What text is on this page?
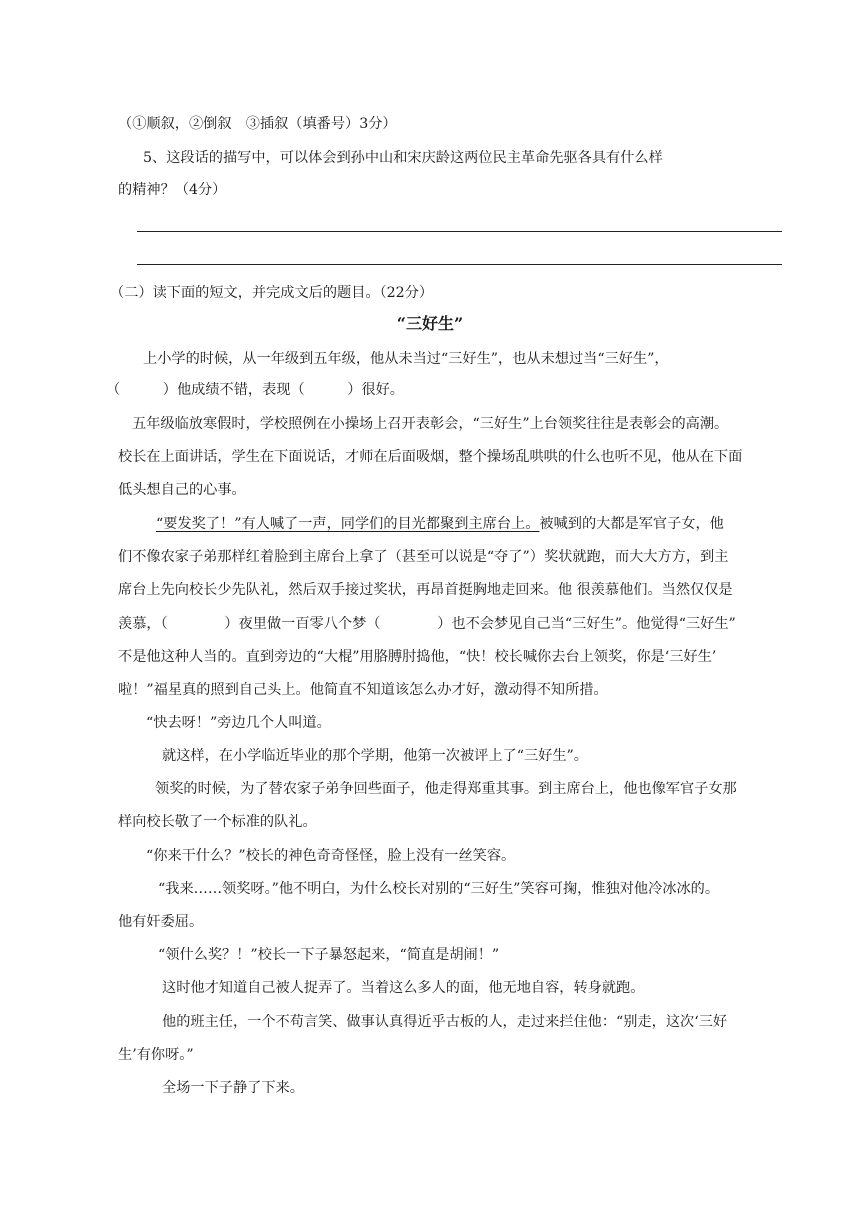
（①顺叙，②倒叙　③插叙（填番号）3分）
5、这段话的描写中，可以体会到孙中山和宋庆龄这两位民主革命先驱各具有什么样
的精神？（4分）
（二）读下面的短文，并完成文后的题目。（22分）
“三好生”
上小学的时候，从一年级到五年级，他从未当过“三好生”，也从未想过当“三好生”，
（　　　）他成绩不错，表现（　　　）很好。
五年级临放寒假时，学校照例在小操场上召开表彰会，“三好生”上台领奖往往是表彰会的高潮。
校长在上面讲话，学生在下面说话，才师在后面吸烟，整个操场乱哄哄的什么也听不见，他从在下面
低头想自己的心事。
“要发奖了！”有人喊了一声，同学们的目光都聚到主席台上。被喊到的大都是军官子女，他
们不像农家子弟那样红着脸到主席台上拿了（甚至可以说是“夺了”）奖状就跑，而大大方方，到主
席台上先向校长少先队礼，然后双手接过奖状，再昂首挺胸地走回来。他 很羡慕他们。当然仅仅是
羡慕，（　　　　）夜里做一百零八个梦（　　　　）也不会梦见自己当“三好生”。他觉得“三好生”
不是他这种人当的。直到旁边的“大棍”用胳膊肘捣他，“快！校长喊你去台上领奖，你是‘三好生’
啦！”福星真的照到自己头上。他简直不知道该怎么办才好，激动得不知所措。
“快去呀！”旁边几个人叫道。
就这样，在小学临近毕业的那个学期，他第一次被评上了“三好生”。
领奖的时候，为了替农家子弟争回些面子，他走得郑重其事。到主席台上，他也像军官子女那
样向校长敬了一个标准的队礼。
“你来干什么？”校长的神色奇奇怪怪，脸上没有一丝笑容。
“我来……领奖呀。”他不明白，为什么校长对别的“三好生”笑容可掬，惟独对他冷冰冰的。
他有奸委屈。
“领什么奖？！”校长一下子暴怒起来，“简直是胡闹！”
这时他才知道自己被人捉弄了。当着这么多人的面，他无地自容，转身就跑。
他的班主任，一个不苟言笑、做事认真得近乎古板的人，走过来拦住他：“别走，这次‘三好
生’有你呀。”
全场一下子静了下来。
